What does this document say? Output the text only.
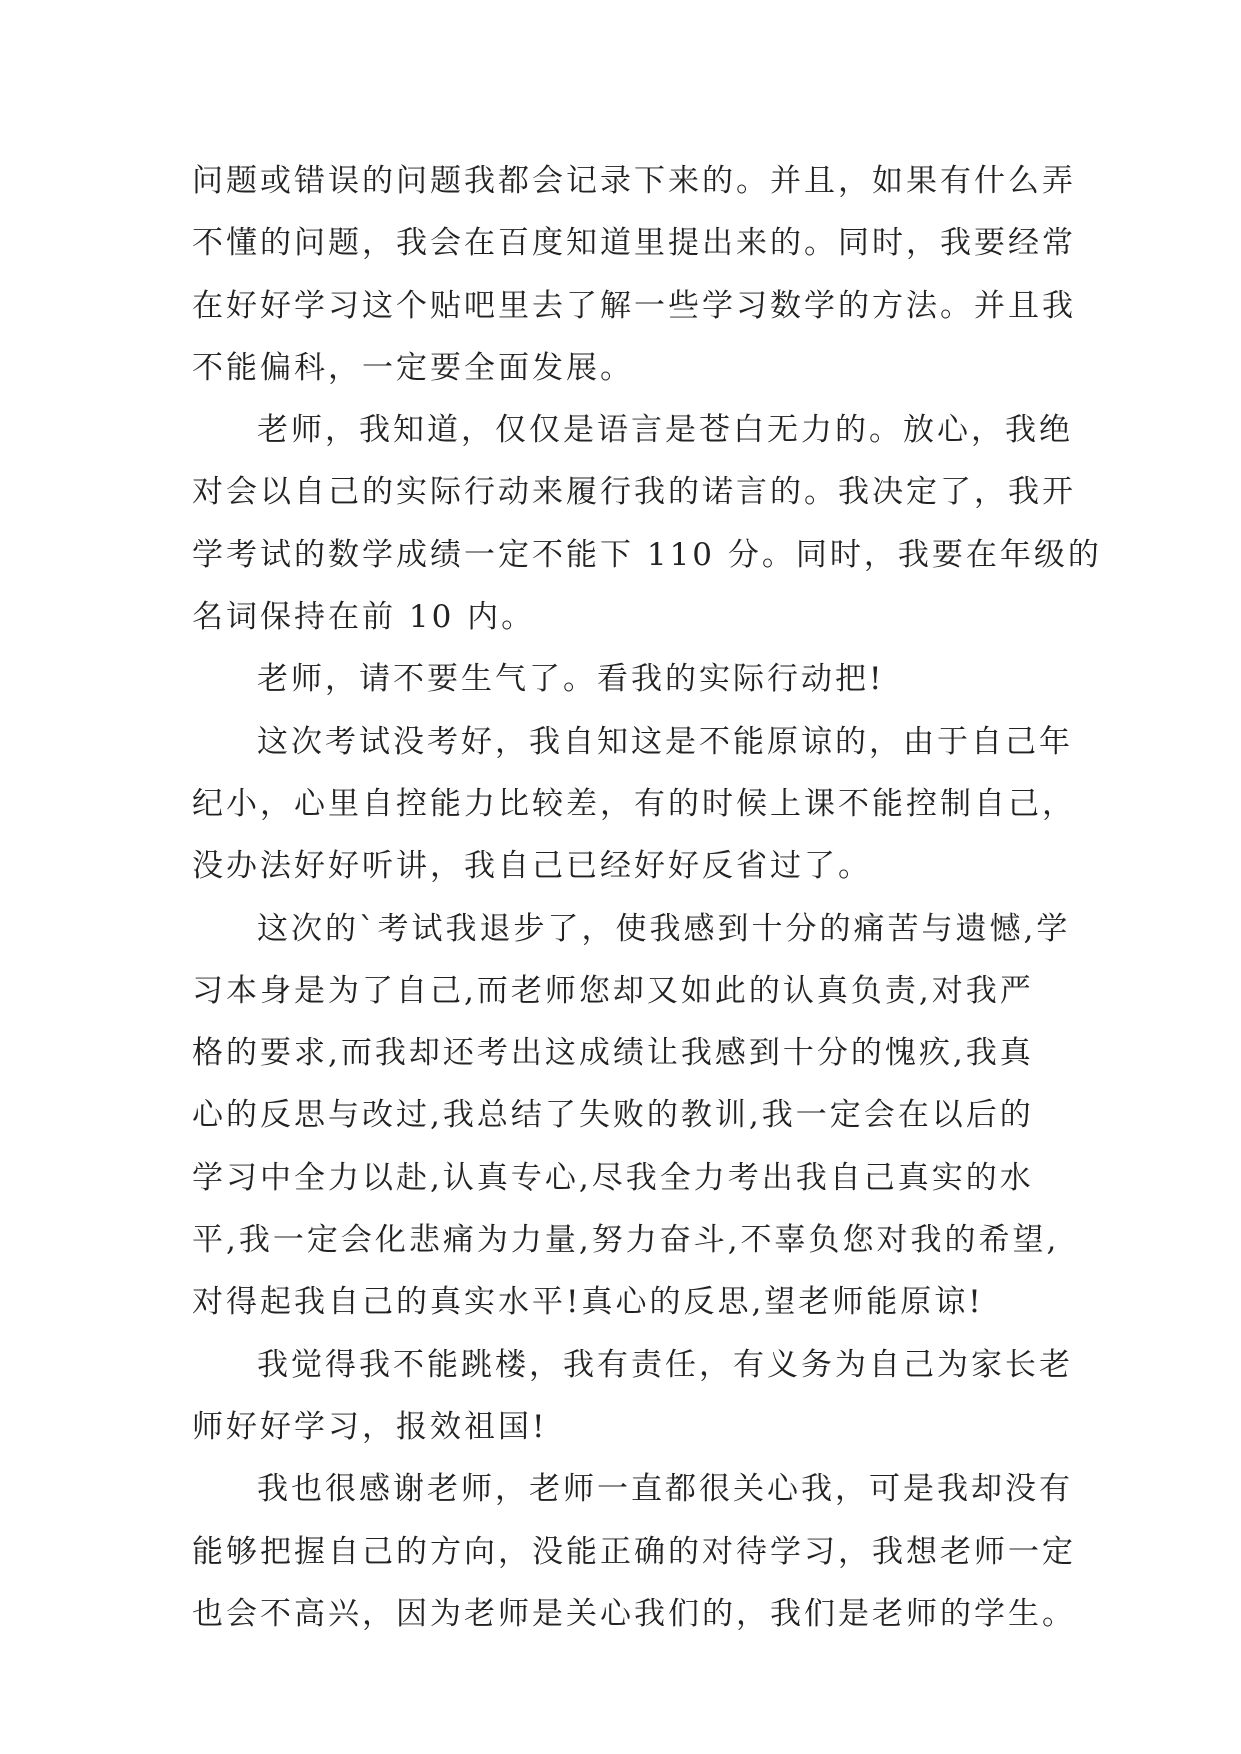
问题或错误的问题我都会记录下来的。并且，如果有什么弄
不懂的问题，我会在百度知道里提出来的。同时，我要经常
在好好学习这个贴吧里去了解一些学习数学的方法。并且我
不能偏科，一定要全面发展。
老师，我知道，仅仅是语言是苍白无力的。放心，我绝
对会以自己的实际行动来履行我的诺言的。我决定了，我开
学考试的数学成绩一定不能下 110 分。同时，我要在年级的
名词保持在前 10 内。
老师，请不要生气了。看我的实际行动把!
这次考试没考好，我自知这是不能原谅的，由于自己年
纪小，心里自控能力比较差，有的时候上课不能控制自己，
没办法好好听讲，我自己已经好好反省过了。
这次的`考试我退步了，使我感到十分的痛苦与遗憾,学
习本身是为了自己,而老师您却又如此的认真负责,对我严
格的要求,而我却还考出这成绩让我感到十分的愧疚,我真
心的反思与改过,我总结了失败的教训,我一定会在以后的
学习中全力以赴,认真专心,尽我全力考出我自己真实的水
平,我一定会化悲痛为力量,努力奋斗,不辜负您对我的希望,
对得起我自己的真实水平!真心的反思,望老师能原谅!
我觉得我不能跳楼，我有责任，有义务为自己为家长老
师好好学习，报效祖国!
我也很感谢老师，老师一直都很关心我，可是我却没有
能够把握自己的方向，没能正确的对待学习，我想老师一定
也会不高兴，因为老师是关心我们的，我们是老师的学生。
